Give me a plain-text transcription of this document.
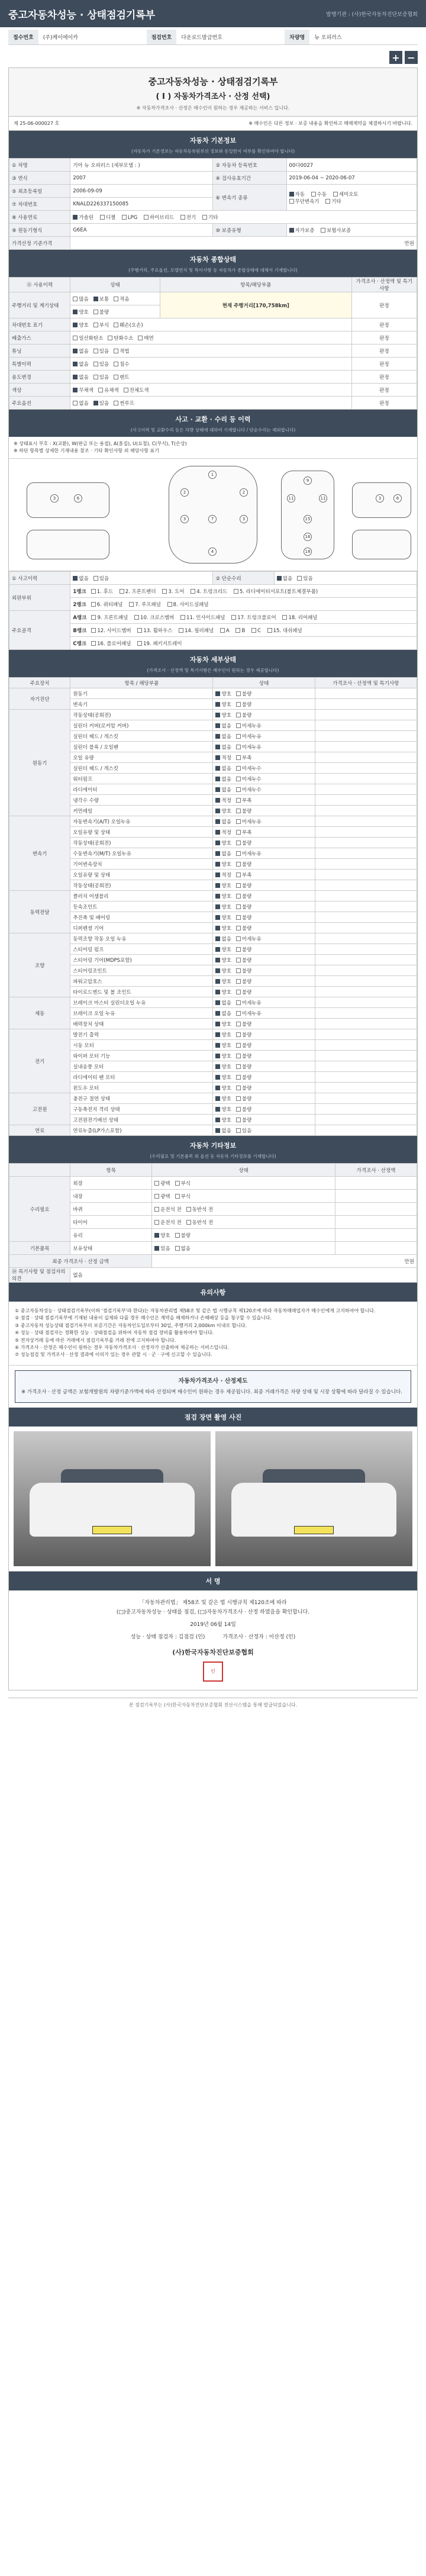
중고자동차성능 · 상태점검기록부	발행기관 : (사)한국자동차진단보증협회
접수번호	(주)케이에이카	점검번호	다운로드발급번호	차량명	뉴 오피러스
+ −
중고자동차성능 · 상태점검기록부
( I ) 자동차가격조사 · 산정 선택)

※ 자동차가격조사 · 산정은 매수인이 원하는 경우 제공하는 서비스 입니다.

제 25-06-000027 호	※ 매수인은 다른 정보 · 보증 내용을 확인하고 매매계약을 체결하시기 바랍니다.
자동차 기본정보
(자동차가 기본정보는 자동차등록원부의 정보와 동일한지 여부를 확인하여야 합니다)
① 차명	기아 뉴 오피러스 (세부모델 : )	② 자동차 등록번호	00다0027
③ 연식	2007	④ 검사유효기간	2019-06-04 ~ 2020-06-07
⑤ 최초등록일	2006-09-09	⑥ 변속기 종류	자동 수동 세미오토
무단변속기 기타
⑦ 차대번호	KNALD226337150085		
⑧ 사용연료	가솔린 디젤 LPG 하이브리드 전기 기타		
⑨ 원동기형식	G6EA	⑩ 보증유형	자가보증 보험사보증
가격산정 기준가격	만원		
자동차 종합상태
(주행거리, 주요옵션, 모델연식 및 특이사항 등 자동차가 종합상태에 대해서 기재합니다)
⑪ 사용이력	상태	항목/해당부품	가격조사 · 산정액 및 특기사항
주행거리 및 계기상태	많음 보통 적음	현재 주행거리[170,758km]	판정
	양호 불량		
차대번호 표기	양호 부식 훼손(오손)		판정
배출가스	일산화탄소 탄화수소 매연		판정
튜닝	없음 있음 적법		판정
특별이력	없음 있음 침수		판정
용도변경	없음 있음 렌트		판정
색상	무채색 유채색 전체도색		판정
주요옵션	없음 있음 썬루프		판정
사고 · 교환 · 수리 등 이력
(사고이력 및 교환수리 등은 차량 상태에 대하여 기재합니다 / 단순수리는 제외합니다)
※ 상태표시 부호 : X(교환), W(판금 또는 용접), A(흠집), U(요철), C(부식), T(손상)
※ 하단 항목별 상세한 기재내용 참조 · 기타 확인사항 외 해당사항 표기
1
2	2
3	3
7
4
9
11	11
15
16
18
3	6	3	6
① 사고이력	없음 있음	② 단순수리	없음 있음
외판부위	1랭크 1. 후드 2. 프론트펜더 3. 도어 4. 트렁크리드 5. 라디에이터서포트(볼트체결부품)		
	2랭크 6. 쿼터패널 7. 루프패널 8. 사이드실패널		
주요골격	A랭크 9. 프론트패널 10. 크로스멤버 11. 인사이드패널 17. 트렁크플로어 18. 리어패널		
	B랭크 12. 사이드멤버 13. 휠하우스 14. 필러패널 A B C 15. 대쉬패널		
	C랭크 16. 플로어패널 19. 패키지트레이		
자동차 세부상태
(가격조사 · 산정액 및 특기사항은 매수인이 원하는 경우 제공합니다)
주요장치	항목 / 해당부품	상태	가격조사 · 산정액 및 특기사항
자기진단	원동기	양호 불량	
	변속기	양호 불량	
원동기	작동상태(공회전)	양호 불량	
	실린더 커버(로커암 커버)	없음 미세누유	
	실린더 헤드 / 개스킷	없음 미세누유	
	실린더 블록 / 오일팬	없음 미세누유	
	오일 유량	적정 부족	
	실린더 헤드 / 개스킷	없음 미세누수	
	워터펌프	없음 미세누수	
	라디에이터	없음 미세누수	
	냉각수 수량	적정 부족	
	커먼레일	양호 불량	
변속기	자동변속기(A/T) 오일누유	없음 미세누유	
	오일유량 및 상태	적정 부족	
	작동상태(공회전)	양호 불량	
	수동변속기(M/T) 오일누유	없음 미세누유	
	기어변속장치	양호 불량	
	오일유량 및 상태	적정 부족	
	작동상태(공회전)	양호 불량	
동력전달	클러치 어셈블리	양호 불량	
	등속조인트	양호 불량	
	추진축 및 베어링	양호 불량	
	디퍼렌셜 기어	양호 불량	
조향	동력조향 작동 오일 누유	없음 미세누유	
	스티어링 펌프	양호 불량	
	스티어링 기어(MDPS포함)	양호 불량	
	스티어링조인트	양호 불량	
	파워고압호스	양호 불량	
	타이로드엔드 및 볼 조인트	양호 불량	
제동	브레이크 마스터 실린더오일 누유	없음 미세누유	
	브레이크 오일 누유	없음 미세누유	
	배력장치 상태	양호 불량	
전기	발전기 출력	양호 불량	
	시동 모터	양호 불량	
	와이퍼 모터 기능	양호 불량	
	실내송풍 모터	양호 불량	
	라디에이터 팬 모터	양호 불량	
	윈도우 모터	양호 불량	
고전원	충전구 절연 상태	양호 불량	
	구동축전지 격리 상태	양호 불량	
	고전원전기배선 상태	양호 불량	
연료	연료누출(LP가스포함)	없음 있음	
자동차 기타정보
(수리필요 및 기본품목 외 옵션 등 자동차 기타정보를 기재합니다)
	항목	상태	가격조사 · 산정액
수리필요	외장	광택 부식	
	내장	광택 부식	
	바퀴	운전석 전 동반석 전	
	타이어	운전석 전 동반석 전	
	유리	양호 불량	
기본품목	보유상태	있음 없음	
최종 가격조사 · 산정 금액		만원	
⑭ 특기사항 및 점검자의 의견	없음		
유의사항
① 중고자동차성능 · 상태점검기록부(이하 '점검기록부'라 한다)는 자동차관리법 제58조 및 같은 법 시행규칙 제120조에 따라 자동차매매업자가 매수인에게 고지하여야 합니다.
② 점검 · 상태 점검기록부에 기재된 내용이 실제와 다를 경우 매수인은 계약을 해제하거나 손해배상 등을 청구할 수 있습니다.
③ 중고자동차 성능상태 점검기록부의 보증기간은 자동차인도일로부터 30일, 주행거리 2,000km 이내로 합니다.
④ 성능 · 상태 점검자는 정확한 성능 · 상태점검을 위하여 자동차 점검 장비를 활용하여야 합니다.
⑤ 전자상거래 등에 따른 거래에서 점검기록부를 거래 전에 고지하여야 합니다.
⑥ 가격조사 · 산정은 매수인이 원하는 경우 자동차가격조사 · 산정자가 산출하여 제공하는 서비스입니다.
⑦ 성능점검 및 가격조사 · 산정 결과에 이의가 있는 경우 관할 시 · 군 · 구에 신고할 수 있습니다.
자동차가격조사 · 산정제도
※ 가격조사 · 산정 금액은 보험개발원의 차량기준가액에 따라 산정되며 매수인이 원하는 경우 제공됩니다. 최종 거래가격은 차량 상태 및 시장 상황에 따라 달라질 수 있습니다.
점검 장면 촬영 사진
서 명
「자동차관리법」 제58조 및 같은 법 시행규칙 제120조에 따라
(□)중고자동차성능 · 상태를 점검, (□)자동차가격조사 · 산정 하였음을 확인합니다.
2019년 06월 14일
성능 · 상태 점검자 : 김점검 (인)	가격조사 · 산정자 : 이산정 (인)
(사)한국자동차진단보증협회
인
본 점검기록부는 (사)한국자동차진단보증협회 전산시스템을 통해 발급되었습니다.
